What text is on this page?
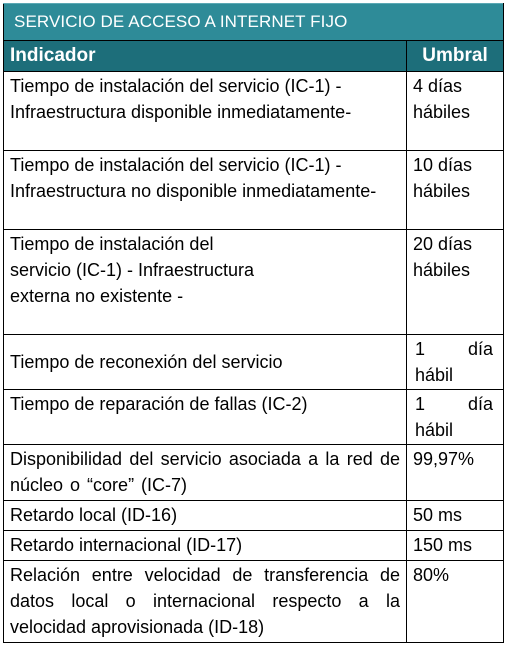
SERVICIO DE ACCESO A INTERNET FIJO	
Indicador	Umbral
Tiempo de instalación del servicio (IC-1) -Infraestructura disponible inmediatamente-	4 días hábiles
Tiempo de instalación del servicio (IC-1) - Infraestructura no disponible inmediatamente-	10 días hábiles
Tiempo de instalación del servicio (IC-1) - Infraestructura externa no existente -	20 días hábiles
Tiempo de reconexión del servicio	1 día hábil
Tiempo de reparación de fallas (IC-2)	1 día hábil
Disponibilidad del servicio asociada a la red de núcleo o “core” (IC-7)	99,97%
Retardo local (ID-16)	50 ms
Retardo internacional (ID-17)	150 ms
Relación entre velocidad de transferencia de datos local o internacional respecto a la velocidad aprovisionada (ID-18)	80%
